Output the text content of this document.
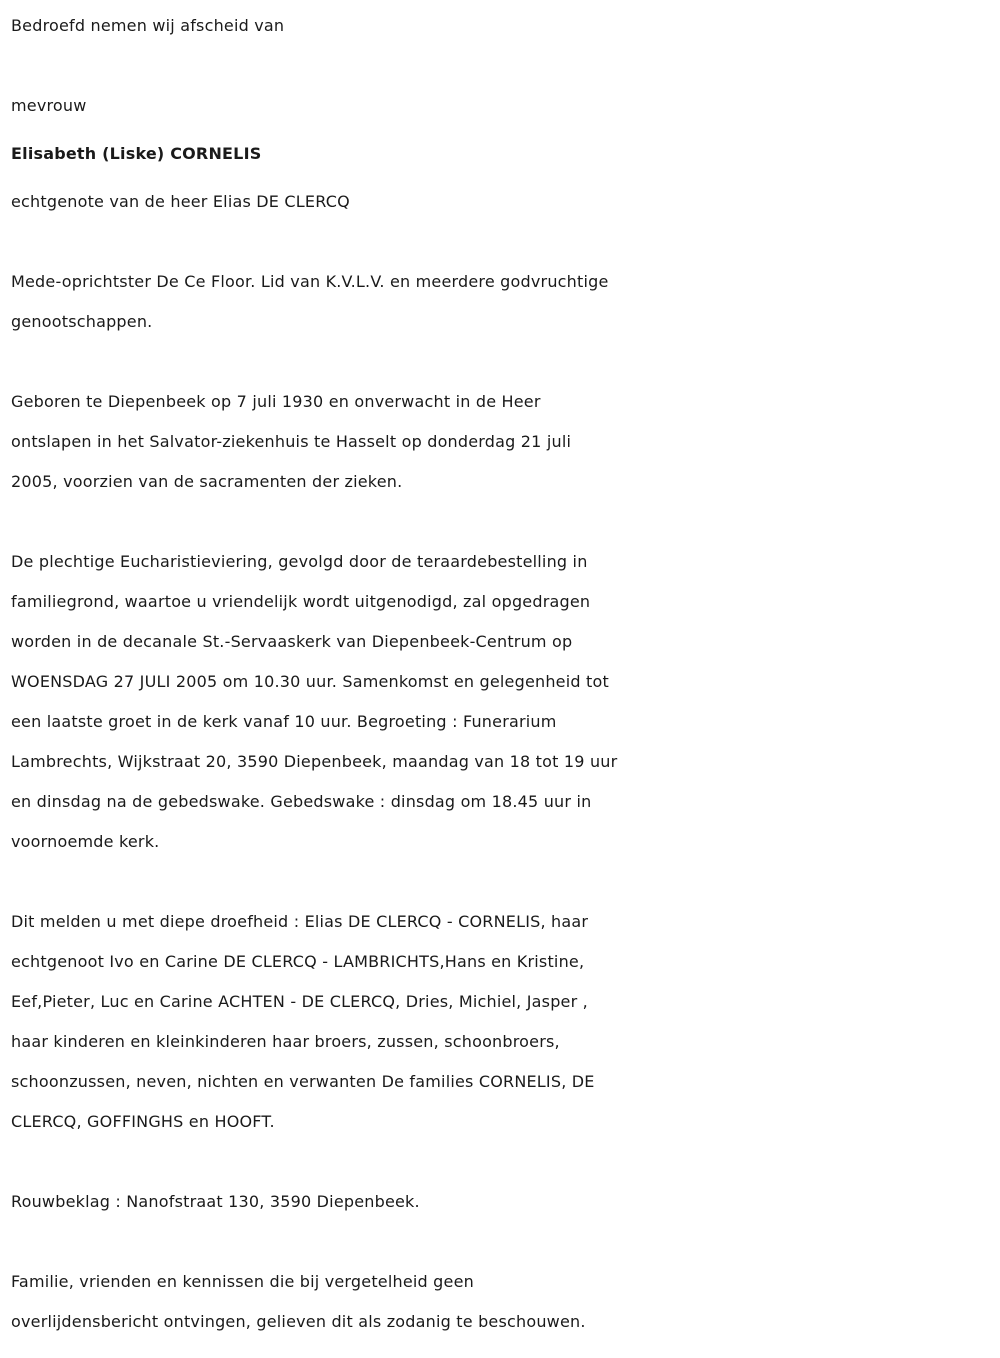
Bedroefd nemen wij afscheid van
mevrouw
Elisabeth (Liske) CORNELIS
echtgenote van de heer Elias DE CLERCQ
Mede-oprichtster De Ce Floor. Lid van K.V.L.V. en meerdere godvruchtige
genootschappen.
Geboren te Diepenbeek op 7 juli 1930 en onverwacht in de Heer
ontslapen in het Salvator-ziekenhuis te Hasselt op donderdag 21 juli
2005, voorzien van de sacramenten der zieken.
De plechtige Eucharistieviering, gevolgd door de teraardebestelling in
familiegrond, waartoe u vriendelijk wordt uitgenodigd, zal opgedragen
worden in de decanale St.-Servaaskerk van Diepenbeek-Centrum op
WOENSDAG 27 JULI 2005 om 10.30 uur. Samenkomst en gelegenheid tot
een laatste groet in de kerk vanaf 10 uur. Begroeting : Funerarium
Lambrechts, Wijkstraat 20, 3590 Diepenbeek, maandag van 18 tot 19 uur
en dinsdag na de gebedswake. Gebedswake : dinsdag om 18.45 uur in
voornoemde kerk.
Dit melden u met diepe droefheid : Elias DE CLERCQ - CORNELIS, haar
echtgenoot Ivo en Carine DE CLERCQ - LAMBRICHTS,Hans en Kristine,
Eef,Pieter, Luc en Carine ACHTEN - DE CLERCQ, Dries, Michiel, Jasper ,
haar kinderen en kleinkinderen haar broers, zussen, schoonbroers,
schoonzussen, neven, nichten en verwanten De families CORNELIS, DE
CLERCQ, GOFFINGHS en HOOFT.
Rouwbeklag : Nanofstraat 130, 3590 Diepenbeek.
Familie, vrienden en kennissen die bij vergetelheid geen
overlijdensbericht ontvingen, gelieven dit als zodanig te beschouwen.
